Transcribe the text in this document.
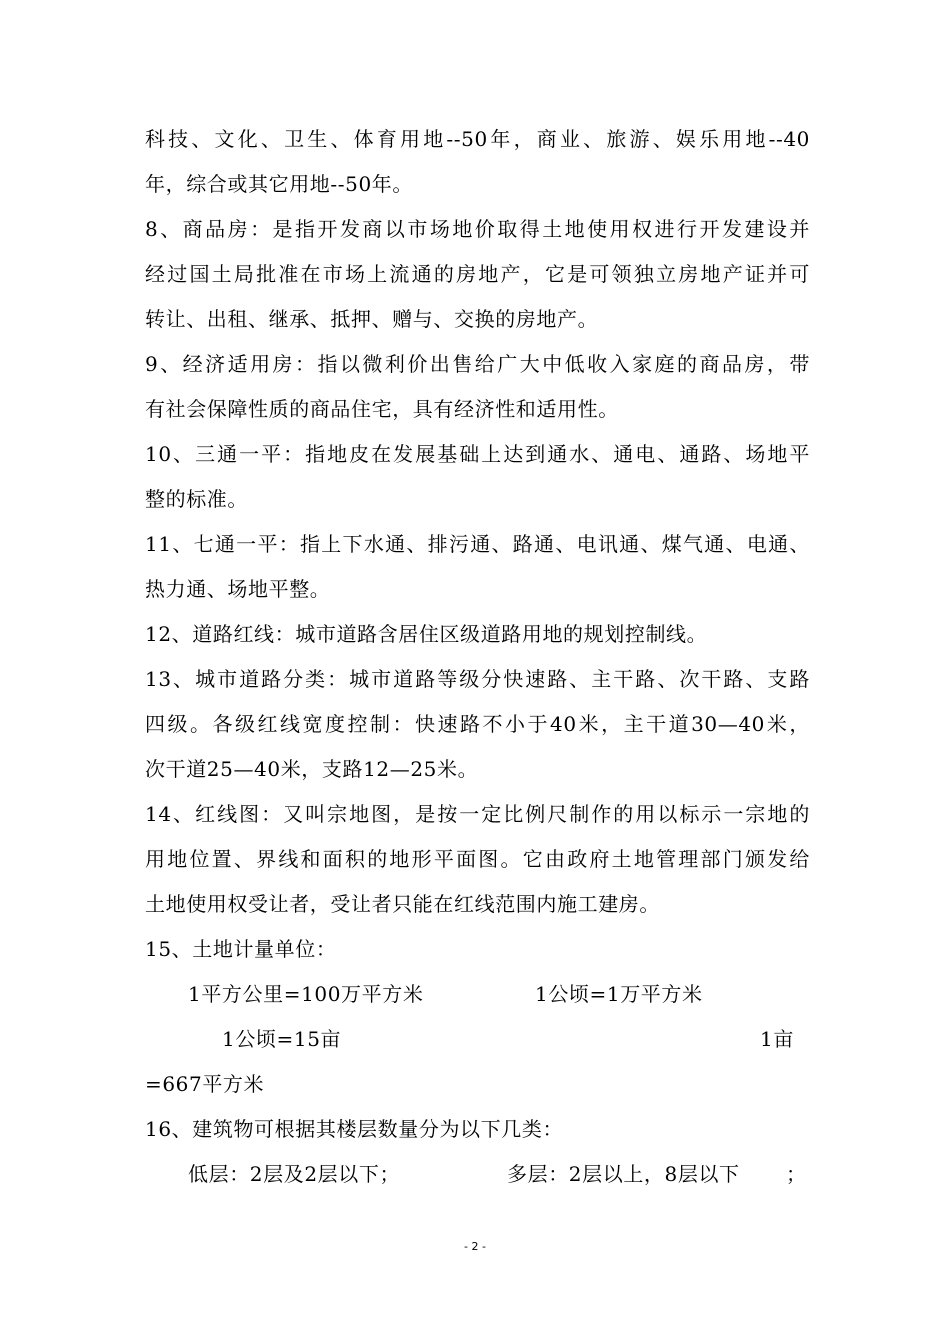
科技、文化、卫生、体育用地--50年，商业、旅游、娱乐用地--40
年，综合或其它用地--50年。
8、商品房：是指开发商以市场地价取得土地使用权进行开发建设并
经过国土局批准在市场上流通的房地产，它是可领独立房地产证并可
转让、出租、继承、抵押、赠与、交换的房地产。
9、经济适用房：指以微利价出售给广大中低收入家庭的商品房，带
有社会保障性质的商品住宅，具有经济性和适用性。
10、三通一平：指地皮在发展基础上达到通水、通电、通路、场地平
整的标准。
11、七通一平：指上下水通、排污通、路通、电讯通、煤气通、电通、
热力通、场地平整。
12、道路红线：城市道路含居住区级道路用地的规划控制线。
13、城市道路分类：城市道路等级分快速路、主干路、次干路、支路
四级。各级红线宽度控制：快速路不小于40米，主干道30—40米，
次干道25—40米，支路12—25米。
14、红线图：又叫宗地图，是按一定比例尺制作的用以标示一宗地的
用地位置、界线和面积的地形平面图。它由政府土地管理部门颁发给
土地使用权受让者，受让者只能在红线范围内施工建房。
15、土地计量单位：
1平方公里=100万平方米	1公顷=1万平方米
1公顷=15亩	1亩
=667平方米
16、建筑物可根据其楼层数量分为以下几类：
低层：2层及2层以下；	多层：2层以上，8层以下 ；
- 2 -
